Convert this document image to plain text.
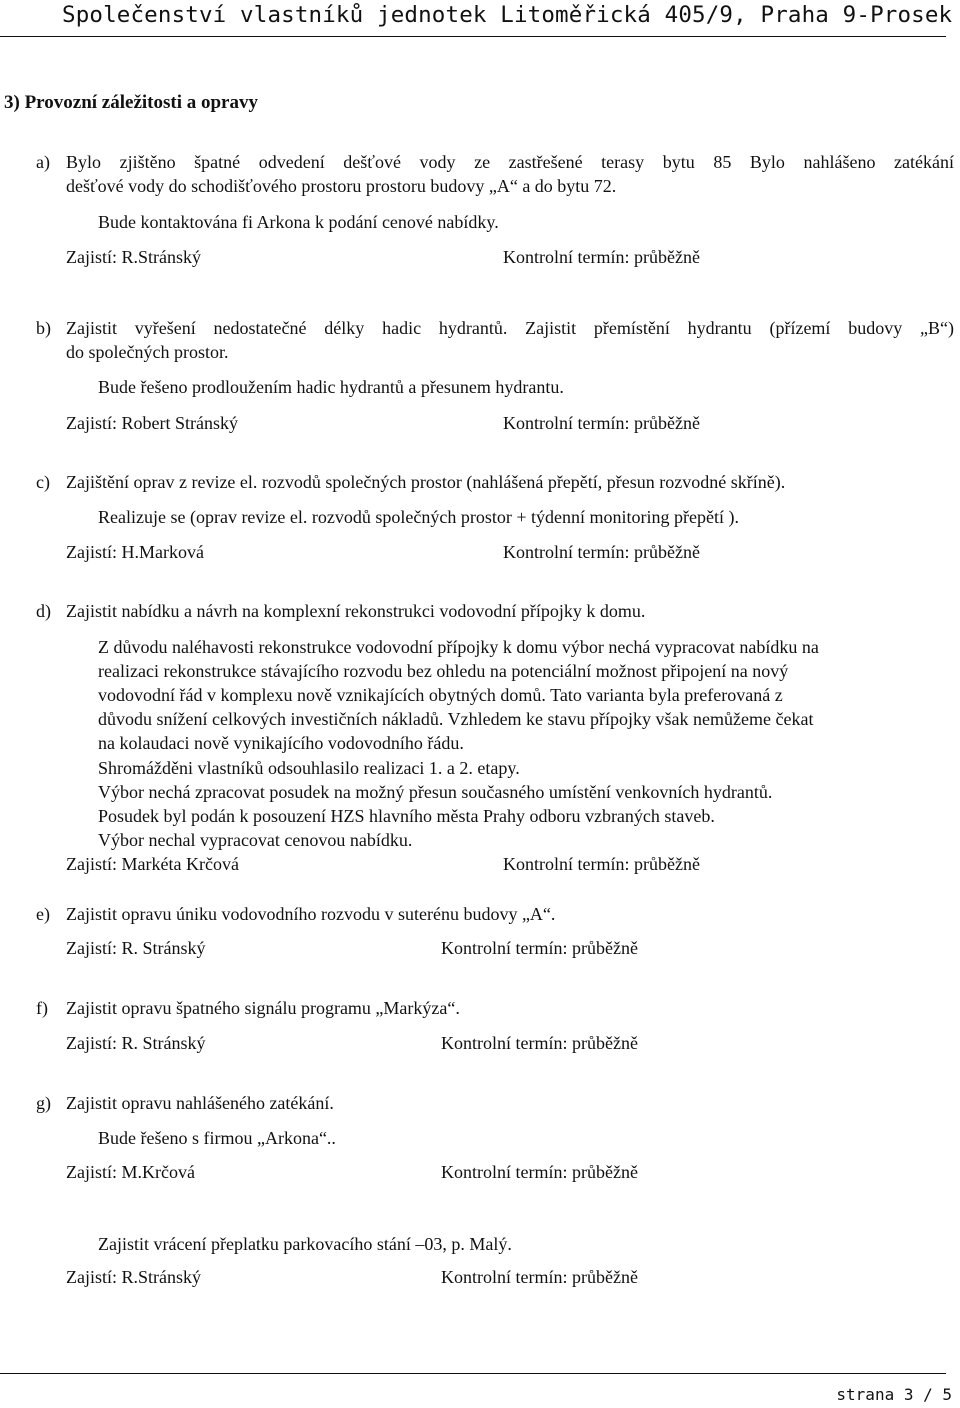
Společenství vlastníků jednotek Litoměřická 405/9, Praha 9-Prosek
3) Provozní záležitosti a opravy
a) Bylo zjištěno špatné odvedení dešťové vody ze zastřešené terasy bytu 85 Bylo nahlášeno zatékání
dešťové vody do schodišťového prostoru prostoru budovy „A“ a do bytu 72.
Bude kontaktována fi Arkona k podání cenové nabídky.
Zajistí: R.Stránský	Kontrolní termín: průběžně
b) Zajistit vyřešení nedostatečné délky hadic hydrantů. Zajistit přemístění hydrantu (přízemí budovy „B“)
do společných prostor.
Bude řešeno prodloužením hadic hydrantů a přesunem hydrantu.
Zajistí: Robert Stránský	Kontrolní termín: průběžně
c) Zajištění oprav z revize el. rozvodů společných prostor (nahlášená přepětí, přesun rozvodné skříně).
Realizuje se (oprav revize el. rozvodů společných prostor + týdenní monitoring přepětí ).
Zajistí: H.Marková	Kontrolní termín: průběžně
d) Zajistit nabídku a návrh na komplexní rekonstrukci vodovodní přípojky k domu.
Z důvodu naléhavosti rekonstrukce vodovodní přípojky k domu výbor nechá vypracovat nabídku na
realizaci rekonstrukce stávajícího rozvodu bez ohledu na potenciální možnost připojení na nový
vodovodní řád v komplexu nově vznikajících obytných domů. Tato varianta byla preferovaná z
důvodu snížení celkových investičních nákladů. Vzhledem ke stavu přípojky však nemůžeme čekat
na kolaudaci nově vynikajícího vodovodního řádu.
Shromážděni vlastníků odsouhlasilo realizaci 1. a 2. etapy.
Výbor nechá zpracovat posudek na možný přesun současného umístění venkovních hydrantů.
Posudek byl podán k posouzení HZS hlavního města Prahy odboru vzbraných staveb.
Výbor nechal vypracovat cenovou nabídku.
Zajistí: Markéta Krčová	Kontrolní termín: průběžně
e) Zajistit opravu úniku vodovodního rozvodu v suterénu budovy „A“.
Zajistí: R. Stránský	Kontrolní termín: průběžně
f) Zajistit opravu špatného signálu programu „Markýza“.
Zajistí: R. Stránský	Kontrolní termín: průběžně
g) Zajistit opravu nahlášeného zatékání.
Bude řešeno s firmou „Arkona“..
Zajistí: M.Krčová	Kontrolní termín: průběžně
Zajistit vrácení přeplatku parkovacího stání –03, p. Malý.
Zajistí: R.Stránský	Kontrolní termín: průběžně
strana 3 / 5
